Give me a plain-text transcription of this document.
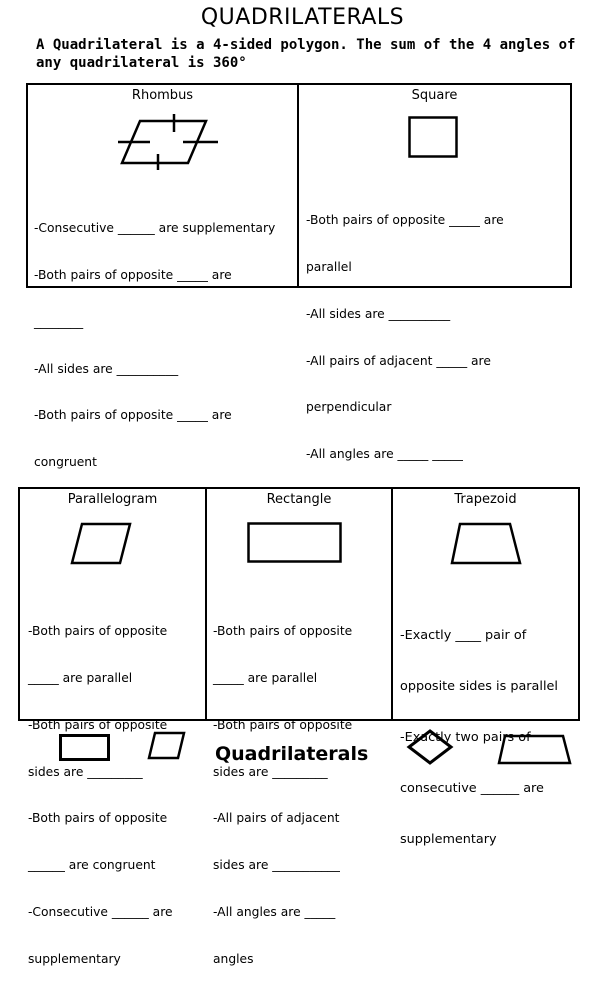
QUADRILATERALS
A Quadrilateral is a 4-sided polygon. The sum of the 4 angles of any quadrilateral is 360°
Rhombus

-Consecutive ______ are supplementary

-Both pairs of opposite _____ are

________

-All sides are __________

-Both pairs of opposite _____ are

congruent

Square

-Both pairs of opposite _____ are

parallel

-All sides are __________

-All pairs of adjacent _____ are

perpendicular

-All angles are _____ _____

Parallelogram

-Both pairs of opposite

_____ are parallel

-Both pairs of opposite

sides are _________

-Both pairs of opposite

______ are congruent

-Consecutive ______ are

supplementary

Rectangle

-Both pairs of opposite

_____ are parallel

-Both pairs of opposite

sides are _________

-All pairs of adjacent

sides are ___________

-All angles are _____

angles

Trapezoid

-Exactly ____ pair of

opposite sides is parallel

-Exactly two pairs of

consecutive ______ are

supplementary

Quadrilaterals
